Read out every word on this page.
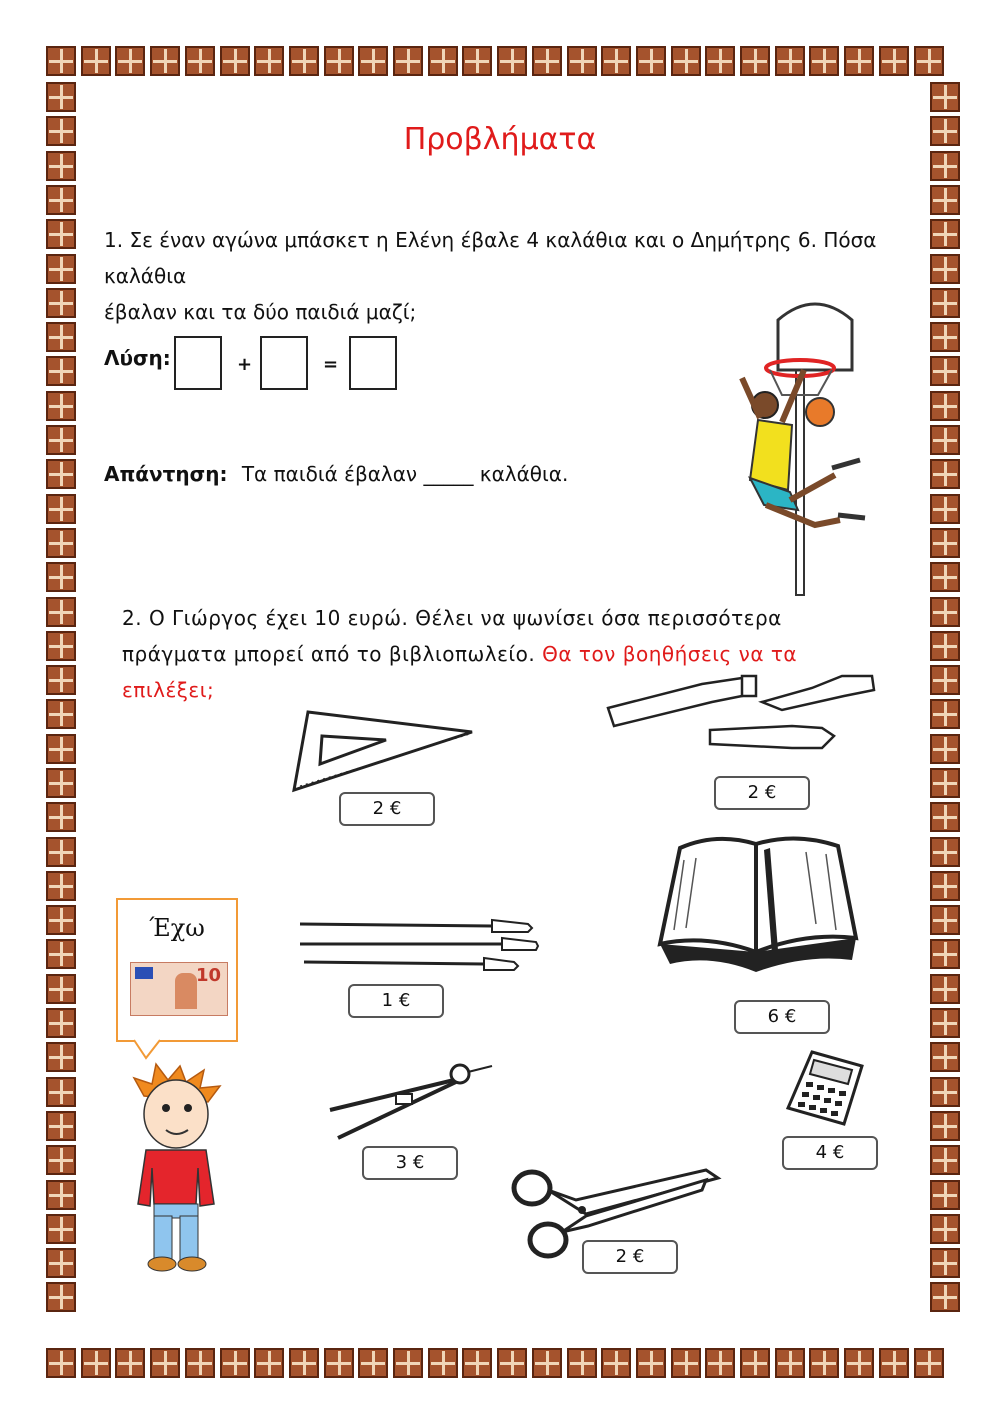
Προβλήματα
1. Σε έναν αγώνα μπάσκετ η Ελένη έβαλε 4 καλάθια και ο Δημήτρης 6. Πόσα καλάθια
έβαλαν και τα δύο παιδιά μαζί;
Λύση:	+	=
Απάντηση: Τα παιδιά έβαλαν _____ καλάθια.
2. Ο Γιώργος έχει 10 ευρώ. Θέλει να ψωνίσει όσα περισσότερα
πράγματα μπορεί από το βιβλιοπωλείο. Θα τον βοηθήσεις να τα
επιλέξει;
2 €
2 €
Έχω
10
1 €
6 €
3 €	4 €
2 €
